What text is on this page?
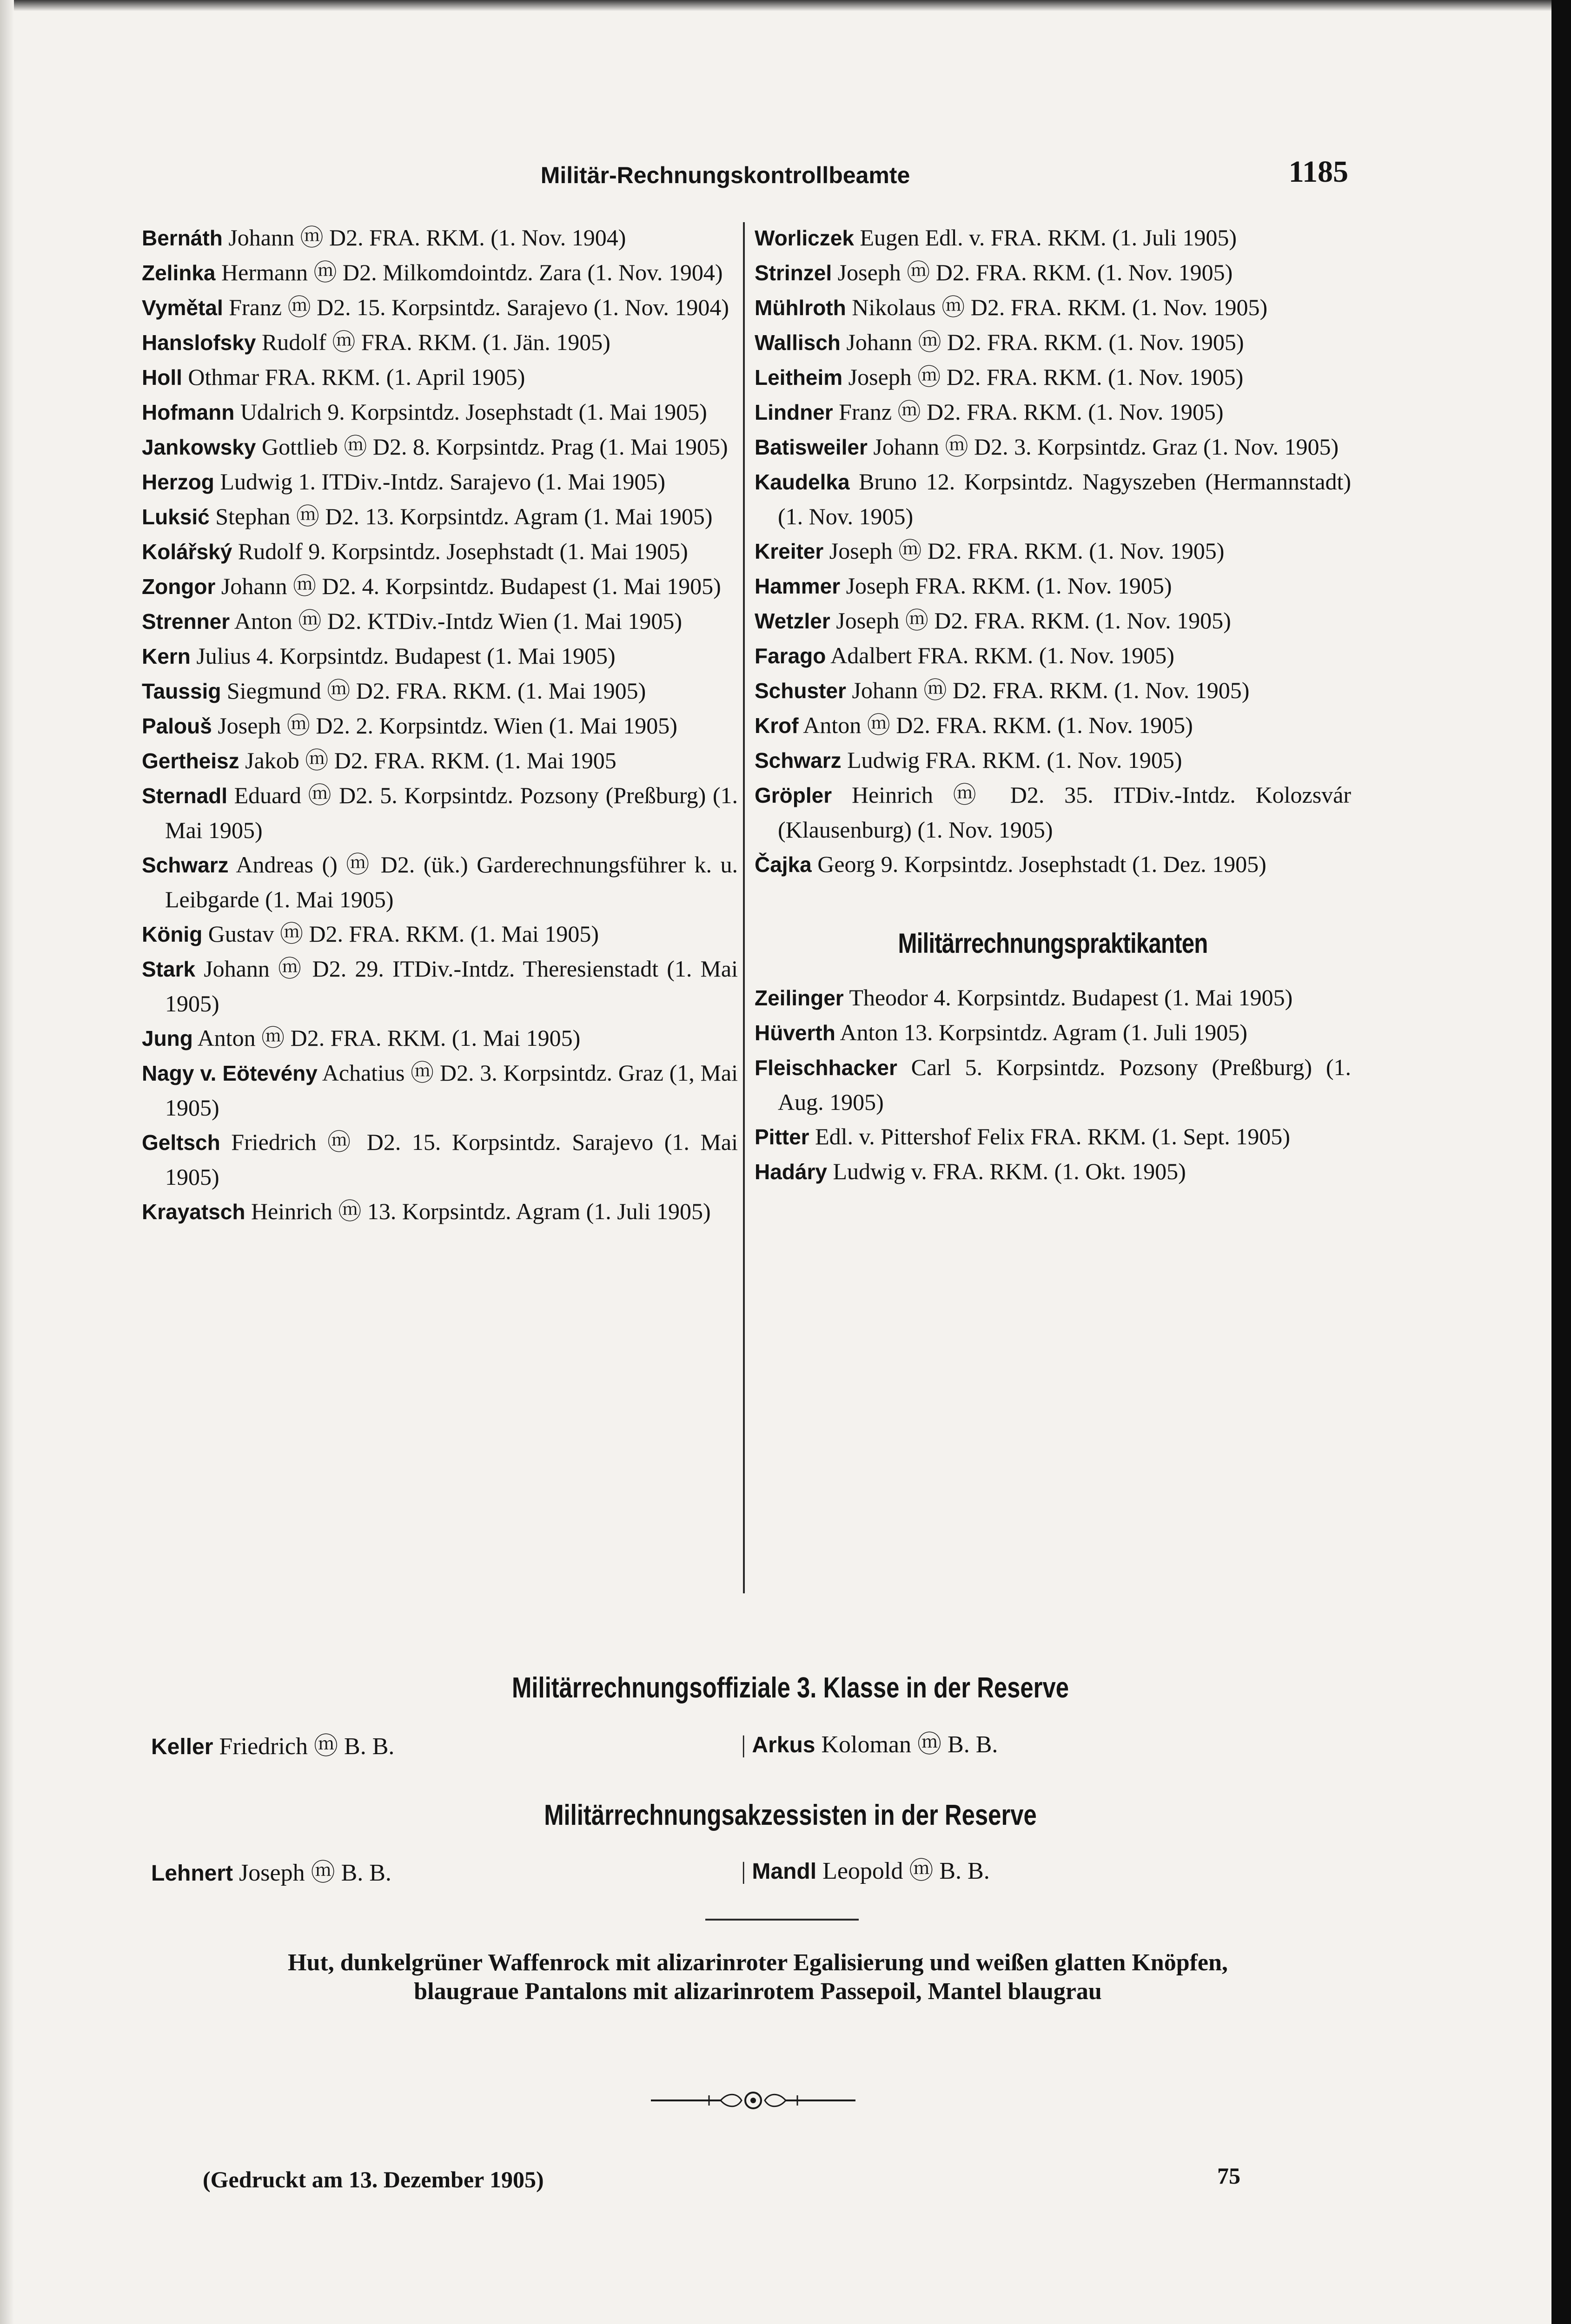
Militär-Rechnungskontrollbeamte	1185

Bernáth Johann ⓜ D2. FRA. RKM. (1. Nov. 1904)

Zelinka Hermann ⓜ D2. Milkomdointdz. Zara (1. Nov. 1904)

Vymětal Franz ⓜ D2. 15. Korpsintdz. Sarajevo (1. Nov. 1904)

Hanslofsky Rudolf ⓜ FRA. RKM. (1. Jän. 1905)

Holl Othmar FRA. RKM. (1. April 1905)

Hofmann Udalrich 9. Korpsintdz. Josephstadt (1. Mai 1905)

Jankowsky Gottlieb ⓜ D2. 8. Korpsintdz. Prag (1. Mai 1905)

Herzog Ludwig 1. ITDiv.-Intdz. Sarajevo (1. Mai 1905)

Luksić Stephan ⓜ D2. 13. Korpsintdz. Agram (1. Mai 1905)

Kolářský Rudolf 9. Korpsintdz. Josephstadt (1. Mai 1905)

Zongor Johann ⓜ D2. 4. Korpsintdz. Budapest (1. Mai 1905)

Strenner Anton ⓜ D2. KTDiv.-Intdz Wien (1. Mai 1905)

Kern Julius 4. Korpsintdz. Budapest (1. Mai 1905)

Taussig Siegmund ⓜ D2. FRA. RKM. (1. Mai 1905)

Palouš Joseph ⓜ D2. 2. Korpsintdz. Wien (1. Mai 1905)

Gertheisz Jakob ⓜ D2. FRA. RKM. (1. Mai 1905

Sternadl Eduard ⓜ D2. 5. Korpsintdz. Pozsony (Preßburg) (1. Mai 1905)

Schwarz Andreas () ⓜ D2. (ük.) Garderechnungsführer k. u. Leibgarde (1. Mai 1905)

König Gustav ⓜ D2. FRA. RKM. (1. Mai 1905)

Stark Johann ⓜ D2. 29. ITDiv.-Intdz. Theresienstadt (1. Mai 1905)

Jung Anton ⓜ D2. FRA. RKM. (1. Mai 1905)

Nagy v. Eötevény Achatius ⓜ D2. 3. Korpsintdz. Graz (1, Mai 1905)

Geltsch Friedrich ⓜ D2. 15. Korpsintdz. Sarajevo (1. Mai 1905)

Krayatsch Heinrich ⓜ 13. Korpsintdz. Agram (1. Juli 1905)

Worliczek Eugen Edl. v. FRA. RKM. (1. Juli 1905)

Strinzel Joseph ⓜ D2. FRA. RKM. (1. Nov. 1905)

Mühlroth Nikolaus ⓜ D2. FRA. RKM. (1. Nov. 1905)

Wallisch Johann ⓜ D2. FRA. RKM. (1. Nov. 1905)

Leitheim Joseph ⓜ D2. FRA. RKM. (1. Nov. 1905)

Lindner Franz ⓜ D2. FRA. RKM. (1. Nov. 1905)

Batisweiler Johann ⓜ D2. 3. Korpsintdz. Graz (1. Nov. 1905)

Kaudelka Bruno 12. Korpsintdz. Nagyszeben (Hermannstadt) (1. Nov. 1905)

Kreiter Joseph ⓜ D2. FRA. RKM. (1. Nov. 1905)

Hammer Joseph FRA. RKM. (1. Nov. 1905)

Wetzler Joseph ⓜ D2. FRA. RKM. (1. Nov. 1905)

Farago Adalbert FRA. RKM. (1. Nov. 1905)

Schuster Johann ⓜ D2. FRA. RKM. (1. Nov. 1905)

Krof Anton ⓜ D2. FRA. RKM. (1. Nov. 1905)

Schwarz Ludwig FRA. RKM. (1. Nov. 1905)

Gröpler Heinrich ⓜ D2. 35. ITDiv.-Intdz. Kolozsvár (Klausenburg) (1. Nov. 1905)

Čajka Georg 9. Korpsintdz. Josephstadt (1. Dez. 1905)

Militärrechnungspraktikanten

Zeilinger Theodor 4. Korpsintdz. Budapest (1. Mai 1905)

Hüverth Anton 13. Korpsintdz. Agram (1. Juli 1905)

Fleischhacker Carl 5. Korpsintdz. Pozsony (Preßburg) (1. Aug. 1905)

Pitter Edl. v. Pittershof Felix FRA. RKM. (1. Sept. 1905)

Hadáry Ludwig v. FRA. RKM. (1. Okt. 1905)

Militärrechnungsoffiziale 3. Klasse in der Reserve
Keller Friedrich ⓜ B. B.	| Arkus Koloman ⓜ B. B.
Militärrechnungsakzessisten in der Reserve
Lehnert Joseph ⓜ B. B.	| Mandl Leopold ⓜ B. B.
Hut, dunkelgrüner Waffenrock mit alizarinroter Egalisierung und weißen glatten Knöpfen,
blaugraue Pantalons mit alizarinrotem Passepoil, Mantel blaugrau
(Gedruckt am 13. Dezember 1905)	75
